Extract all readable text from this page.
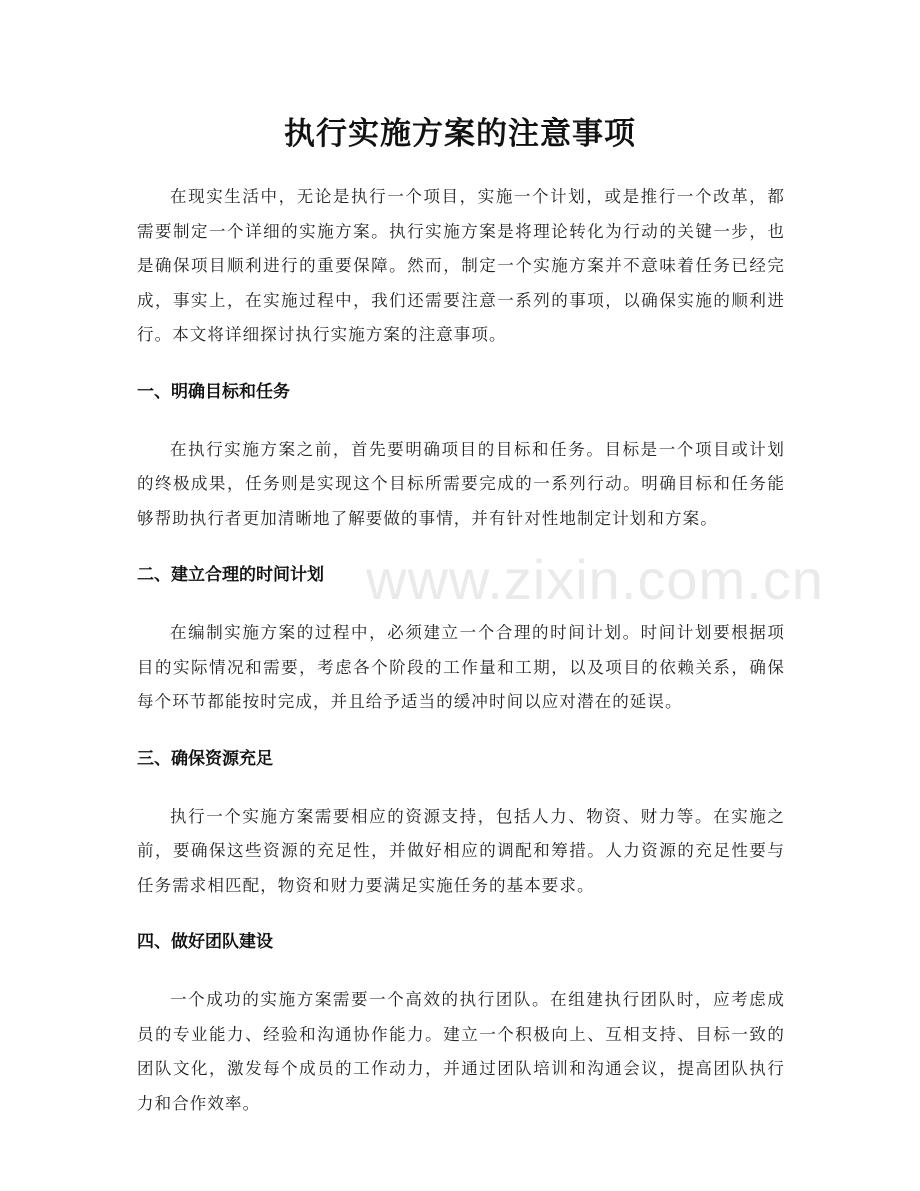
执行实施方案的注意事项

在现实生活中，无论是执行一个项目，实施一个计划，或是推行一个改革，都需要制定一个详细的实施方案。执行实施方案是将理论转化为行动的关键一步，也是确保项目顺利进行的重要保障。然而，制定一个实施方案并不意味着任务已经完成，事实上，在实施过程中，我们还需要注意一系列的事项，以确保实施的顺利进行。本文将详细探讨执行实施方案的注意事项。

一、明确目标和任务

在执行实施方案之前，首先要明确项目的目标和任务。目标是一个项目或计划的终极成果，任务则是实现这个目标所需要完成的一系列行动。明确目标和任务能够帮助执行者更加清晰地了解要做的事情，并有针对性地制定计划和方案。

二、建立合理的时间计划

在编制实施方案的过程中，必须建立一个合理的时间计划。时间计划要根据项目的实际情况和需要，考虑各个阶段的工作量和工期，以及项目的依赖关系，确保每个环节都能按时完成，并且给予适当的缓冲时间以应对潜在的延误。

三、确保资源充足

执行一个实施方案需要相应的资源支持，包括人力、物资、财力等。在实施之前，要确保这些资源的充足性，并做好相应的调配和筹措。人力资源的充足性要与任务需求相匹配，物资和财力要满足实施任务的基本要求。

四、做好团队建设

一个成功的实施方案需要一个高效的执行团队。在组建执行团队时，应考虑成员的专业能力、经验和沟通协作能力。建立一个积极向上、互相支持、目标一致的团队文化，激发每个成员的工作动力，并通过团队培训和沟通会议，提高团队执行力和合作效率。

www.zixin.com.cn
